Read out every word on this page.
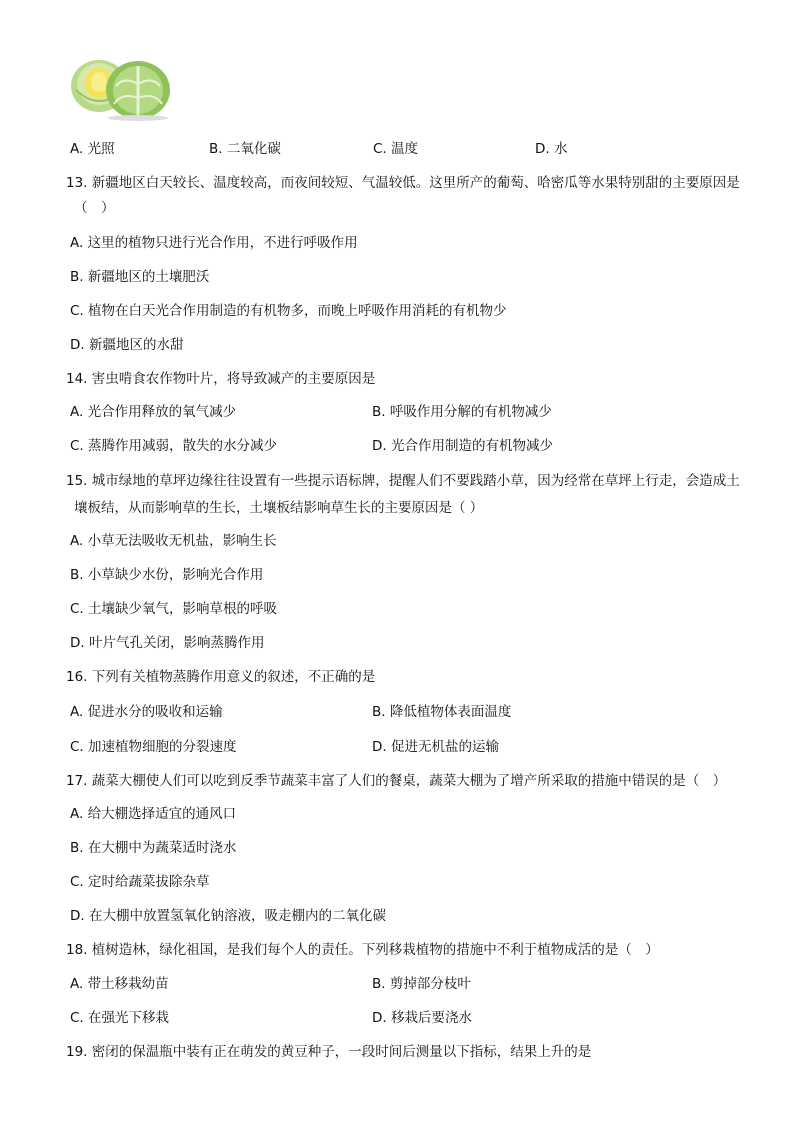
A. 光照	B. 二氧化碳	C. 温度	D. 水
13. 新疆地区白天较长、温度较高，而夜间较短、气温较低。这里所产的葡萄、哈密瓜等水果特别甜的主要原因是
（　）
A. 这里的植物只进行光合作用，不进行呼吸作用
B. 新疆地区的土壤肥沃
C. 植物在白天光合作用制造的有机物多，而晚上呼吸作用消耗的有机物少
D. 新疆地区的水甜
14. 害虫啃食农作物叶片，将导致减产的主要原因是
A. 光合作用释放的氧气减少	B. 呼吸作用分解的有机物减少
C. 蒸腾作用减弱，散失的水分减少	D. 光合作用制造的有机物减少
15. 城市绿地的草坪边缘往往设置有一些提示语标牌，提醒人们不要践踏小草，因为经常在草坪上行走，会造成土
壤板结，从而影响草的生长，土壤板结影响草生长的主要原因是（ ）
A. 小草无法吸收无机盐，影响生长
B. 小草缺少水份，影响光合作用
C. 土壤缺少氧气，影响草根的呼吸
D. 叶片气孔关闭，影响蒸腾作用
16. 下列有关植物蒸腾作用意义的叙述，不正确的是
A. 促进水分的吸收和运输	B. 降低植物体表面温度
C. 加速植物细胞的分裂速度	D. 促进无机盐的运输
17. 蔬菜大棚使人们可以吃到反季节蔬菜丰富了人们的餐桌，蔬菜大棚为了增产所采取的措施中错误的是（　）
A. 给大棚选择适宜的通风口
B. 在大棚中为蔬菜适时浇水
C. 定时给蔬菜拔除杂草
D. 在大棚中放置氢氧化钠溶液，吸走棚内的二氧化碳
18. 植树造林，绿化祖国，是我们每个人的责任。下列移栽植物的措施中不利于植物成活的是（　）
A. 带土移栽幼苗	B. 剪掉部分枝叶
C. 在强光下移栽	D. 移栽后要浇水
19. 密闭的保温瓶中装有正在萌发的黄豆种子，一段时间后测量以下指标，结果上升的是
